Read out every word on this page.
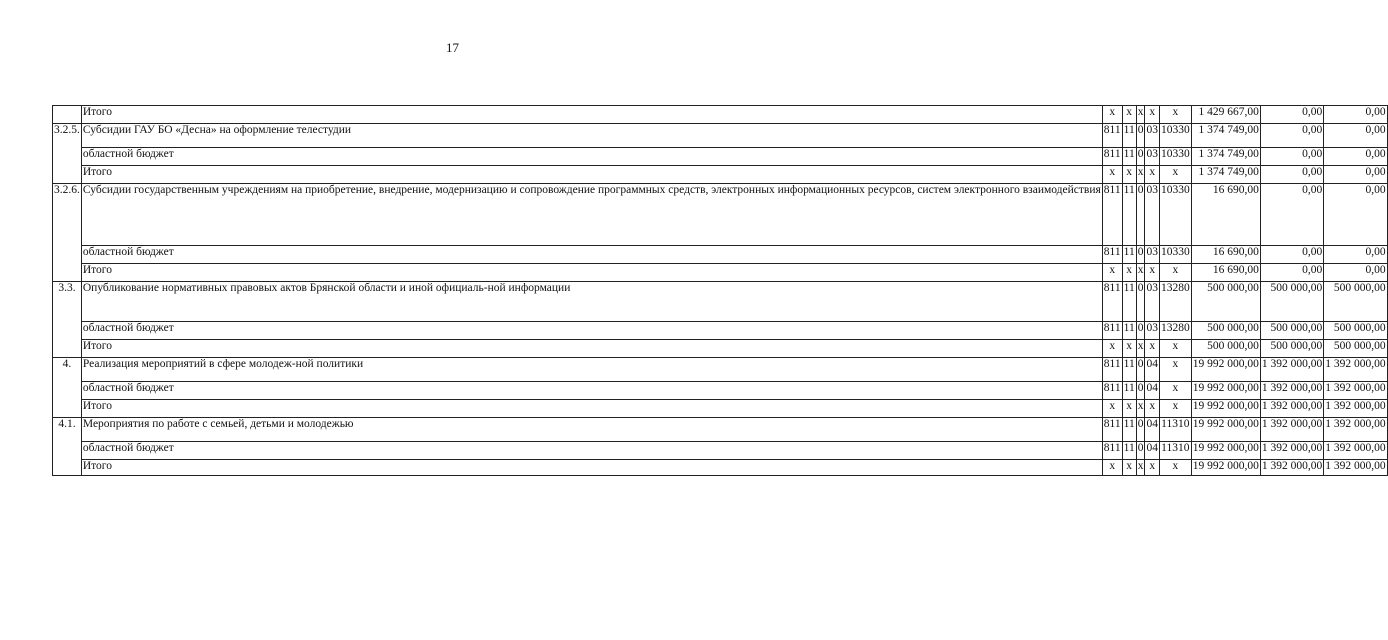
17
	Итого	х	х	х	х	х	1 429 667,00	0,00	0,00
3.2.5.	Субсидии ГАУ БО «Десна» на оформление телестудии	811	11	0	03	10330	1 374 749,00	0,00	0,00
	областной бюджет	811	11	0	03	10330	1 374 749,00	0,00	0,00
	Итого	х	х	х	х	х	1 374 749,00	0,00	0,00
3.2.6.	Субсидии государственным учреждениям на приобретение, внедрение, модернизацию и сопровождение программных средств, электронных информационных ресурсов, систем электронного взаимодействия	811	11	0	03	10330	16 690,00	0,00	0,00
	областной бюджет	811	11	0	03	10330	16 690,00	0,00	0,00
	Итого	х	х	х	х	х	16 690,00	0,00	0,00
3.3.	Опубликование нормативных правовых актов Брянской области и иной официаль-ной информации	811	11	0	03	13280	500 000,00	500 000,00	500 000,00
	областной бюджет	811	11	0	03	13280	500 000,00	500 000,00	500 000,00
	Итого	х	х	х	х	х	500 000,00	500 000,00	500 000,00
4.	Реализация мероприятий в сфере молодеж-ной политики	811	11	0	04	х	19 992 000,00	1 392 000,00	1 392 000,00
	областной бюджет	811	11	0	04	х	19 992 000,00	1 392 000,00	1 392 000,00
	Итого	х	х	х	х	х	19 992 000,00	1 392 000,00	1 392 000,00
4.1.	Мероприятия по работе с семьей, детьми и молодежью	811	11	0	04	11310	19 992 000,00	1 392 000,00	1 392 000,00
	областной бюджет	811	11	0	04	11310	19 992 000,00	1 392 000,00	1 392 000,00
	Итого	х	х	х	х	х	19 992 000,00	1 392 000,00	1 392 000,00
